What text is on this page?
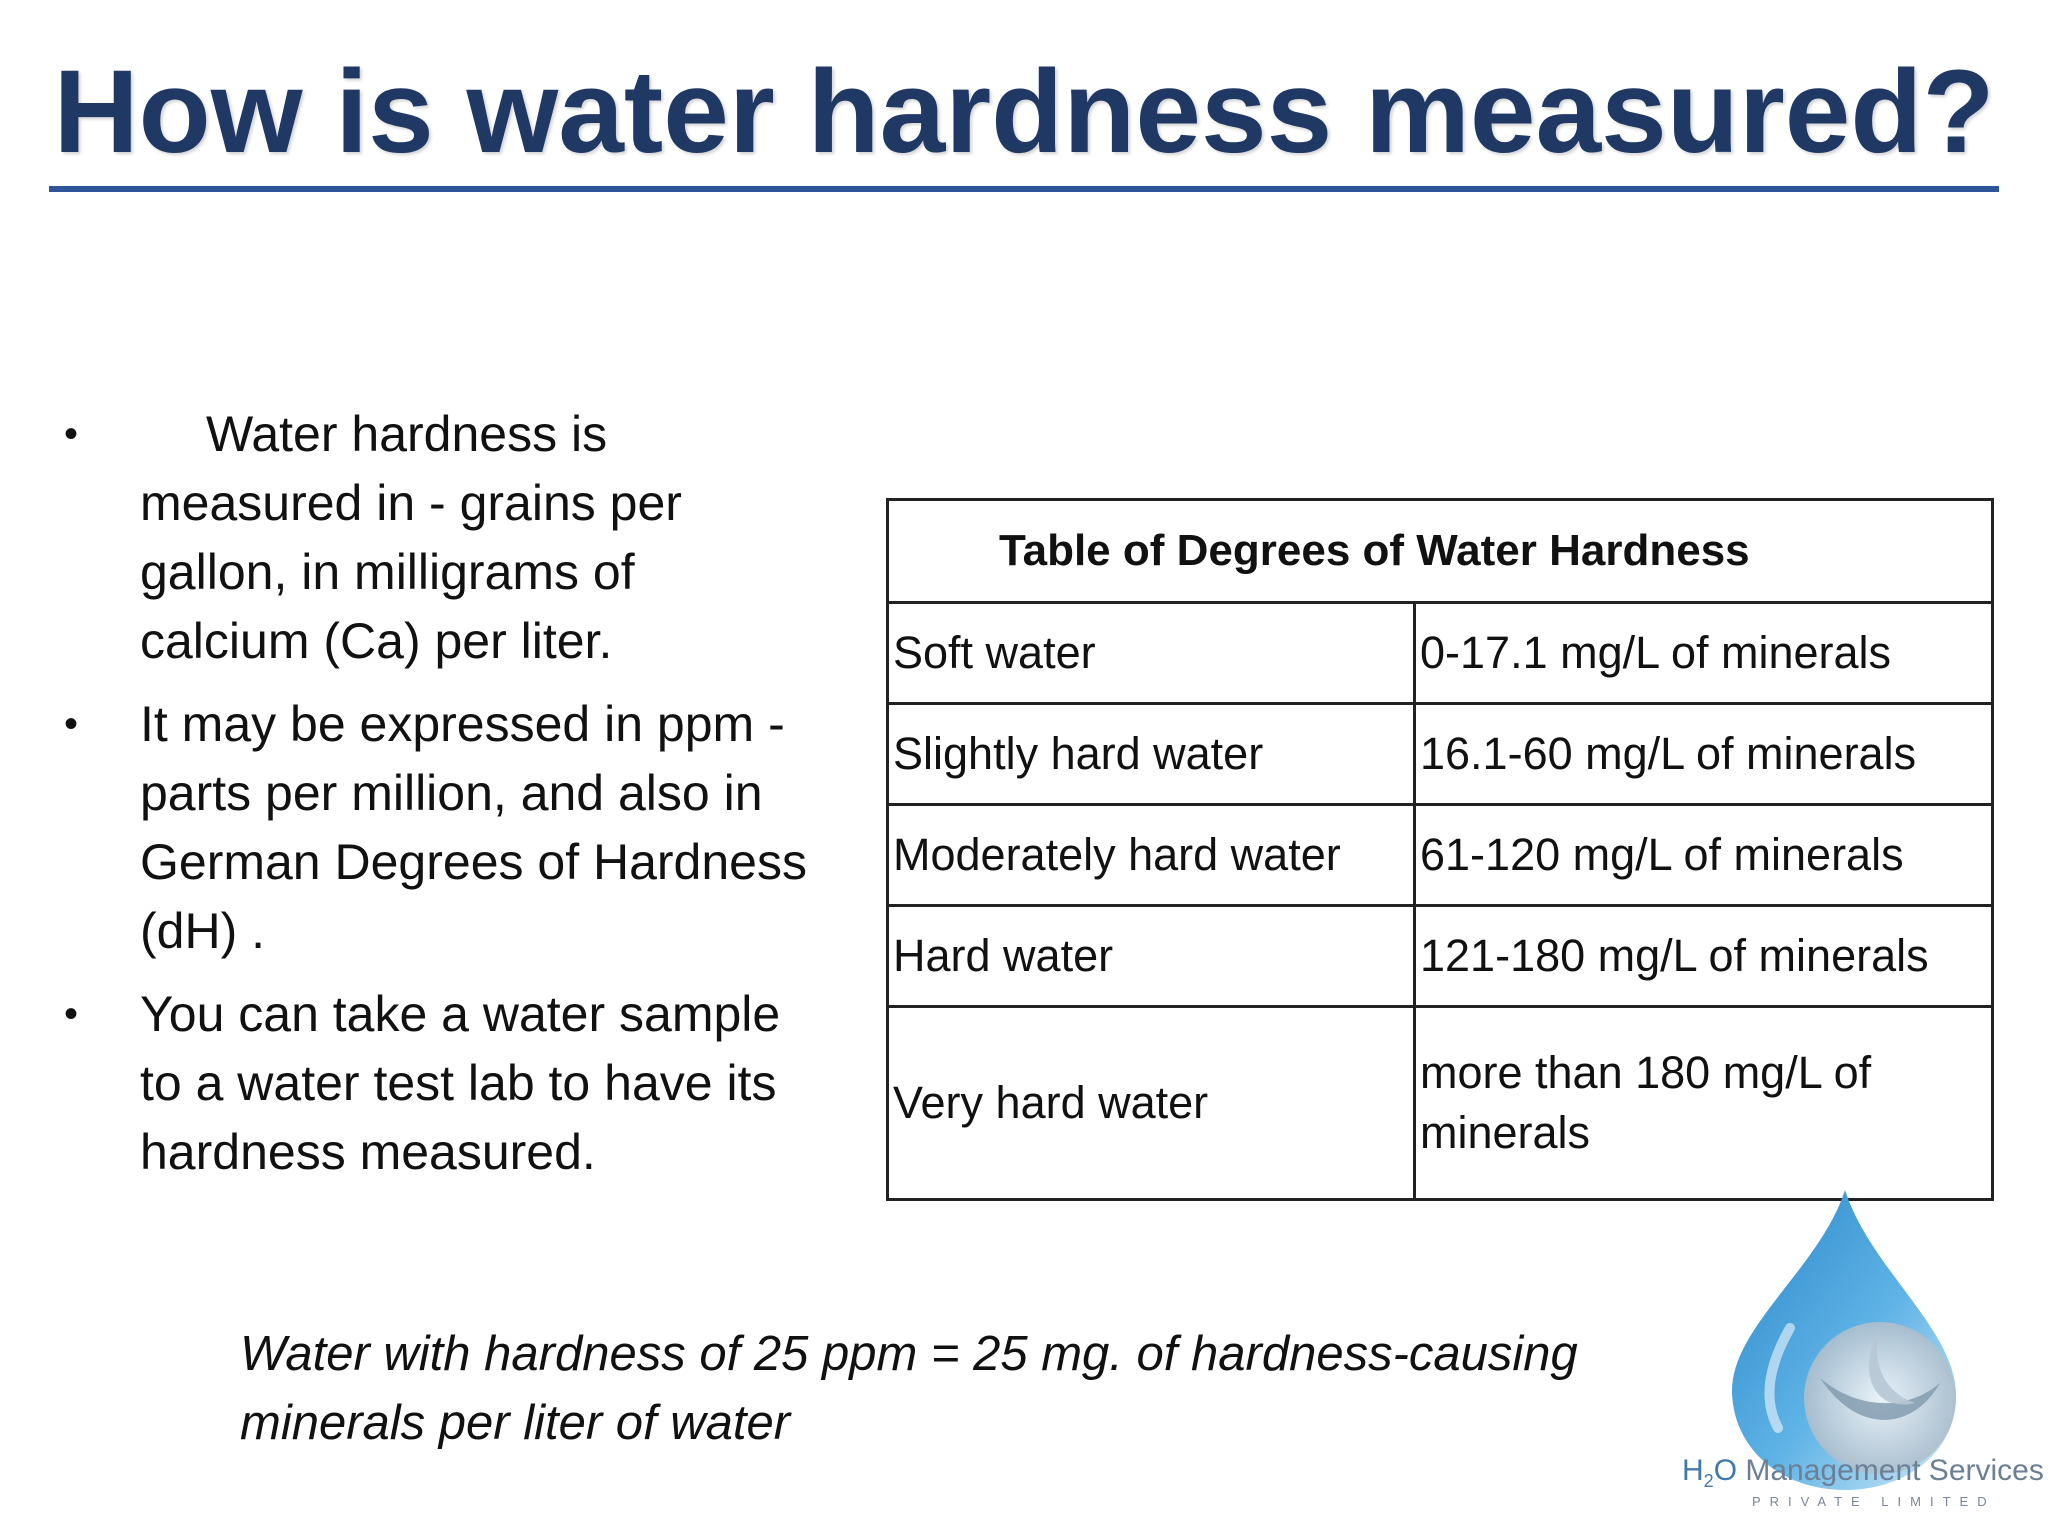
How is water hardness measured?
•	Water hardness is measured in - grains per gallon, in milligrams of calcium (Ca) per liter.
• It may be expressed in ppm - parts per million, and also in German Degrees of Hardness (dH) .
• You can take a water sample to a water test lab to have its hardness measured.
Table of Degrees of Water Hardness	
Soft water	0-17.1 mg/L of minerals
Slightly hard water	16.1-60 mg/L of minerals
Moderately hard water	61-120 mg/L of minerals
Hard water	121-180 mg/L of minerals
Very hard water	more than 180 mg/L of minerals
Water with hardness of 25 ppm = 25 mg. of hardness-causing minerals per liter of water
$H_2O$ Management Services
PRIVATE LIMITED
